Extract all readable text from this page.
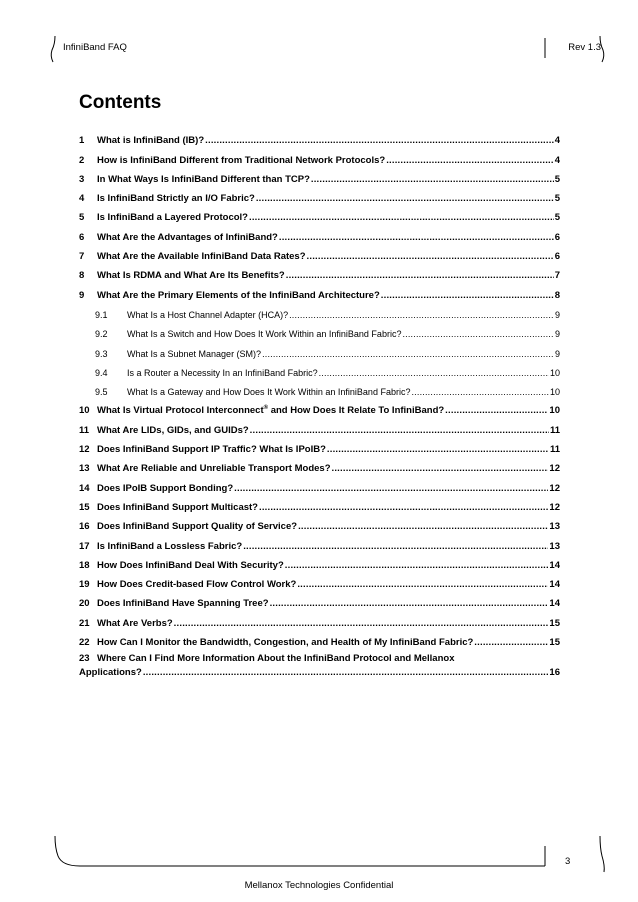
InfiniBand FAQ	Rev 1.3
Contents
1	What is InfiniBand (IB)? .....	4
2	How is InfiniBand Different from Traditional Network Protocols? .....	4
3	In What Ways Is InfiniBand Different than TCP? .....	5
4	Is InfiniBand Strictly an I/O Fabric? .....	5
5	Is InfiniBand a Layered Protocol? .....	5
6	What Are the Advantages of InfiniBand? .....	6
7	What Are the Available InfiniBand Data Rates? .....	6
8	What Is RDMA and What Are Its Benefits? .....	7
9	What Are the Primary Elements of the InfiniBand Architecture? .....	8
9.1	What Is a Host Channel Adapter (HCA)? .....	9
9.2	What Is a Switch and How Does It Work Within an InfiniBand Fabric? .....	9
9.3	What Is a Subnet Manager (SM)? .....	9
9.4	Is a Router a Necessity In an InfiniBand Fabric? .....	10
9.5	What Is a Gateway and How Does It Work Within an InfiniBand Fabric? .....	10
10 What Is Virtual Protocol Interconnect® and How Does It Relate To InfiniBand? .....	10
11 What Are LIDs, GIDs, and GUIDs? .....	11
12 Does InfiniBand Support IP Traffic? What Is IPoIB? .....	11
13 What Are Reliable and Unreliable Transport Modes? .....	12
14 Does IPoIB Support Bonding? .....	12
15 Does InfiniBand Support Multicast? .....	12
16 Does InfiniBand Support Quality of Service? .....	13
17 Is InfiniBand a Lossless Fabric? .....	13
18 How Does InfiniBand Deal With Security? .....	14
19 How Does Credit-based Flow Control Work? .....	14
20 Does InfiniBand Have Spanning Tree? .....	14
21 What Are Verbs? .....	15
22 How Can I Monitor the Bandwidth, Congestion, and Health of My InfiniBand Fabric? .....	15
23 Where Can I Find More Information About the InfiniBand Protocol and Mellanox
Applications? .....	16
3
Mellanox Technologies Confidential
